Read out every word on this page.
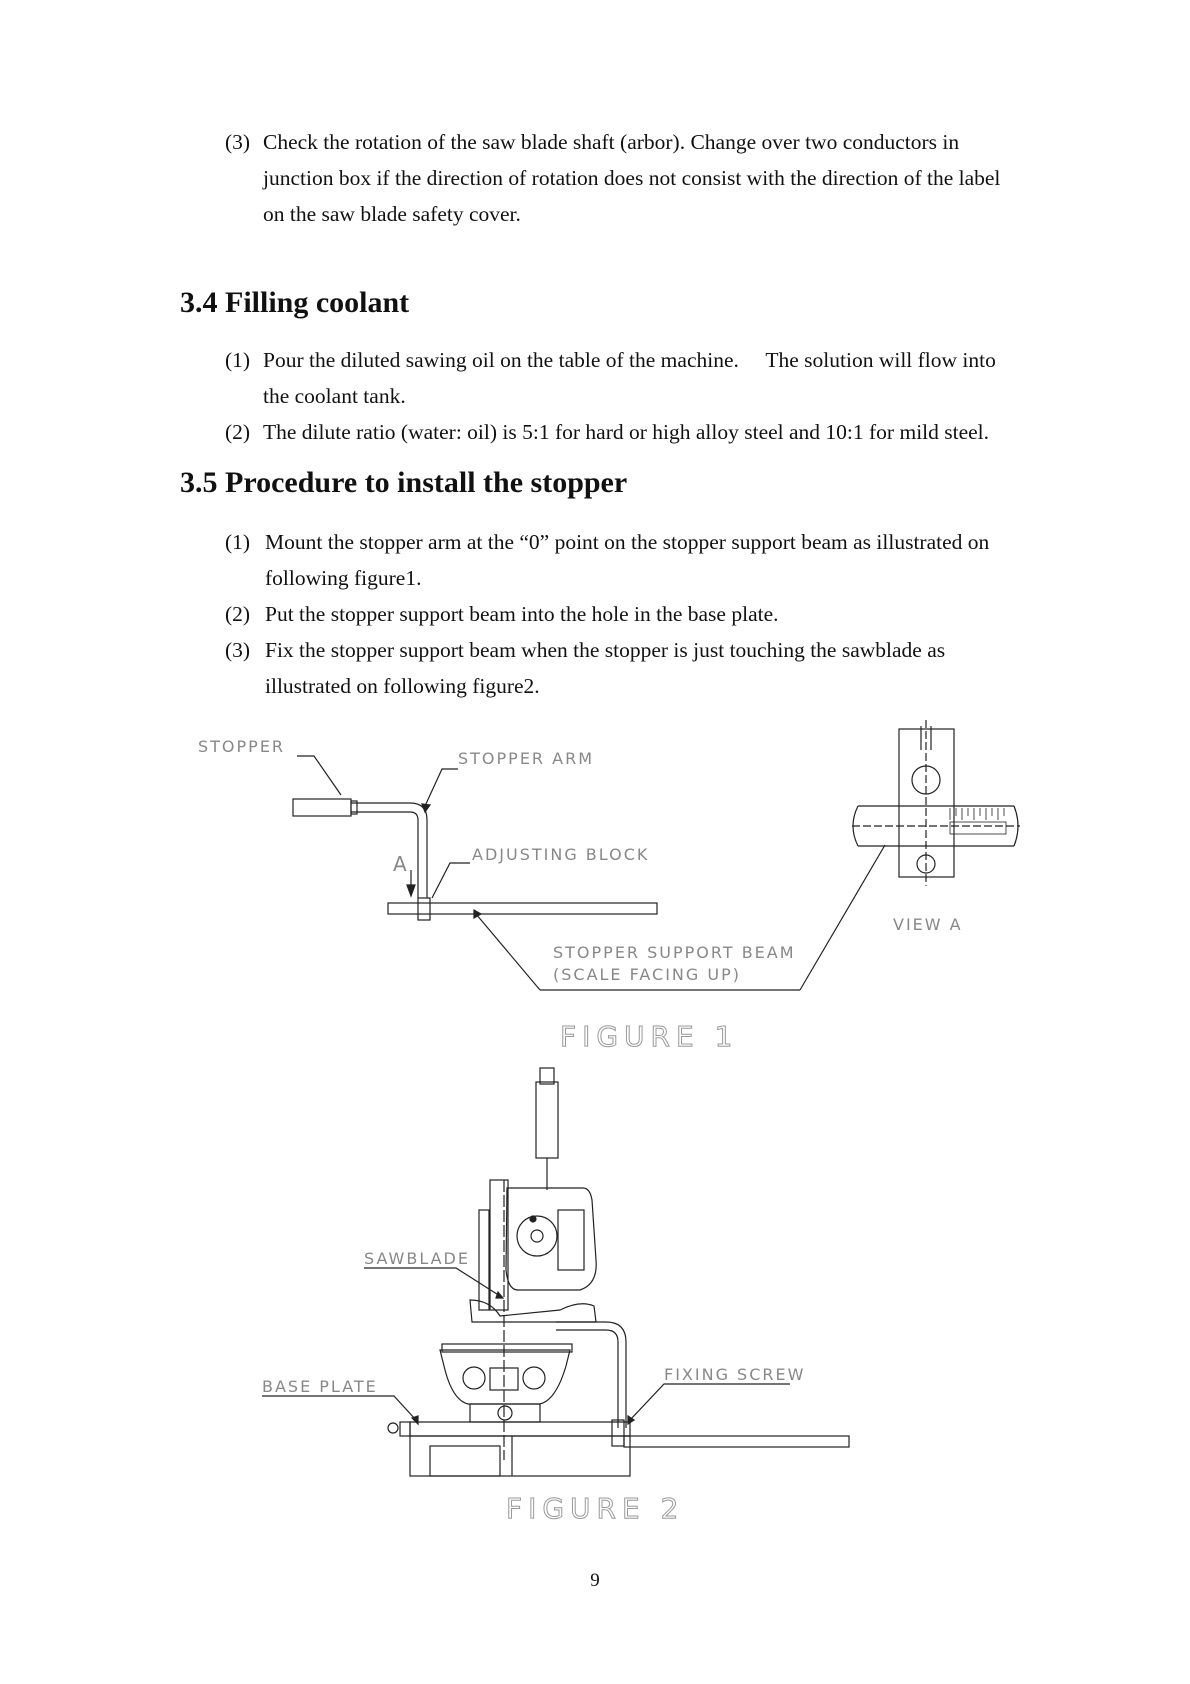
(3) Check the rotation of the saw blade shaft (arbor). Change over two conductors in
junction box if the direction of rotation does not consist with the direction of the label
on the saw blade safety cover.
3.4 Filling coolant
(1) Pour the diluted sawing oil on the table of the machine.  The solution will flow into
the coolant tank.
(2) The dilute ratio (water: oil) is 5:1 for hard or high alloy steel and 10:1 for mild steel.
3.5 Procedure to install the stopper
(1) Mount the stopper arm at the “0” point on the stopper support beam as illustrated on
following figure1.
(2) Put the stopper support beam into the hole in the base plate.
(3) Fix the stopper support beam when the stopper is just touching the sawblade as
illustrated on following figure2.
STOPPER
STOPPER ARM
ADJUSTING BLOCK
A
STOPPER SUPPORT BEAM
(SCALE FACING UP)
VIEW A
FIGURE 1
SAWBLADE
BASE PLATE
FIXING SCREW
FIGURE 2
9
